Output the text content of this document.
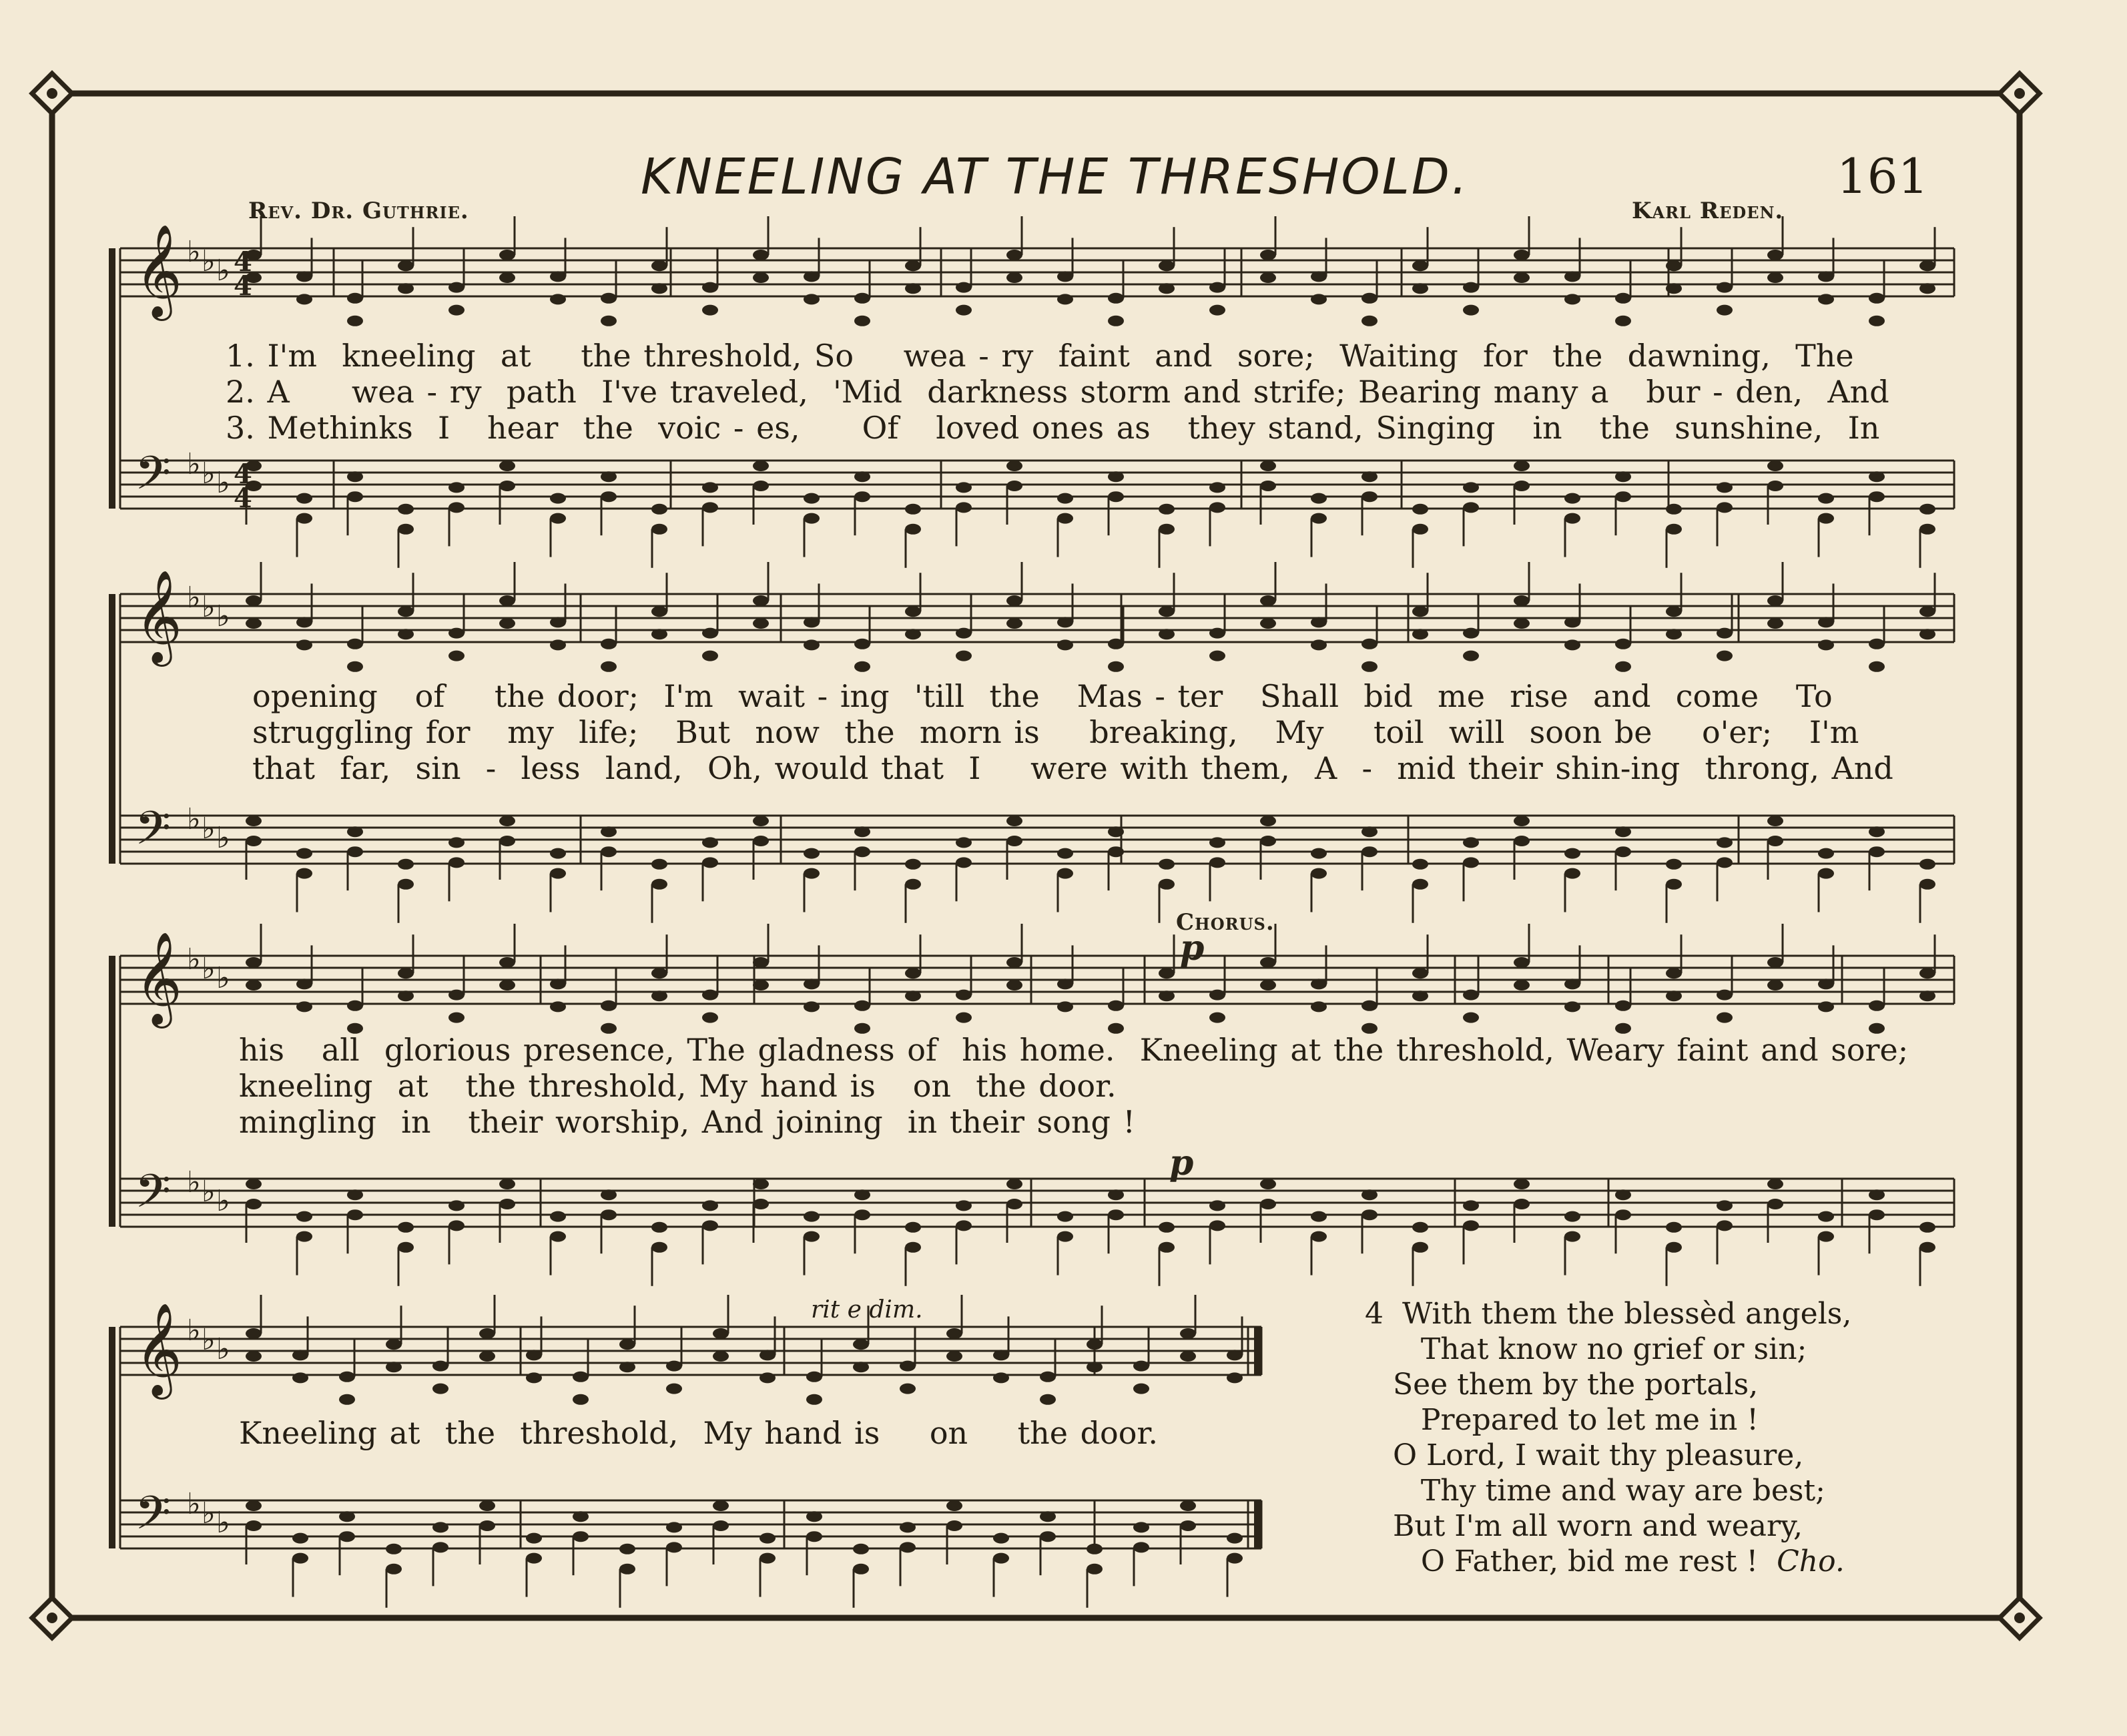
𝄞 ♭ ♭ ♭
𝄢 ♭ ♭ ♭
𝄞 ♭ ♭ ♭
𝄢 ♭ ♭ ♭
𝄞 ♭ ♭ ♭
𝄢 ♭ ♭ ♭
𝄞 ♭ ♭ ♭
𝄢 ♭ ♭ ♭
4
4
4
4
161
KNEELING AT THE THRESHOLD.
Rev. Dr. Guthrie.	Karl Reden.
1. I'm  kneeling  at    the threshold, So    wea - ry  faint  and  sore;  Waiting  for  the  dawning,  The
2. A     wea - ry  path  I've traveled,  'Mid  darkness storm and strife; Bearing many a   bur - den,  And
3. Methinks  I   hear  the  voic - es,     Of   loved ones as   they stand, Singing   in   the  sunshine,  In
opening   of    the door;  I'm  wait - ing  'till  the   Mas - ter   Shall  bid  me  rise  and  come   To
struggling for   my  life;   But  now  the  morn is    breaking,   My    toil  will  soon be    o'er;   I'm
that  far,  sin  -  less  land,  Oh, would that  I    were with them,  A  -  mid their shin-ing  throng, And
Chorus.
p
his   all  glorious presence, The gladness of  his home.  Kneeling at the threshold, Weary faint and sore;
kneeling  at   the threshold, My hand is   on  the door.
mingling  in   their worship, And joining  in their song !
p
rit e dim.
Kneeling at  the  threshold,  My hand is    on    the door.
4  With them the blessèd angels,
That know no grief or sin;
See them by the portals,
Prepared to let me in !
O Lord, I wait thy pleasure,
Thy time and way are best;
But I'm all worn and weary,
O Father, bid me rest ! Cho.
